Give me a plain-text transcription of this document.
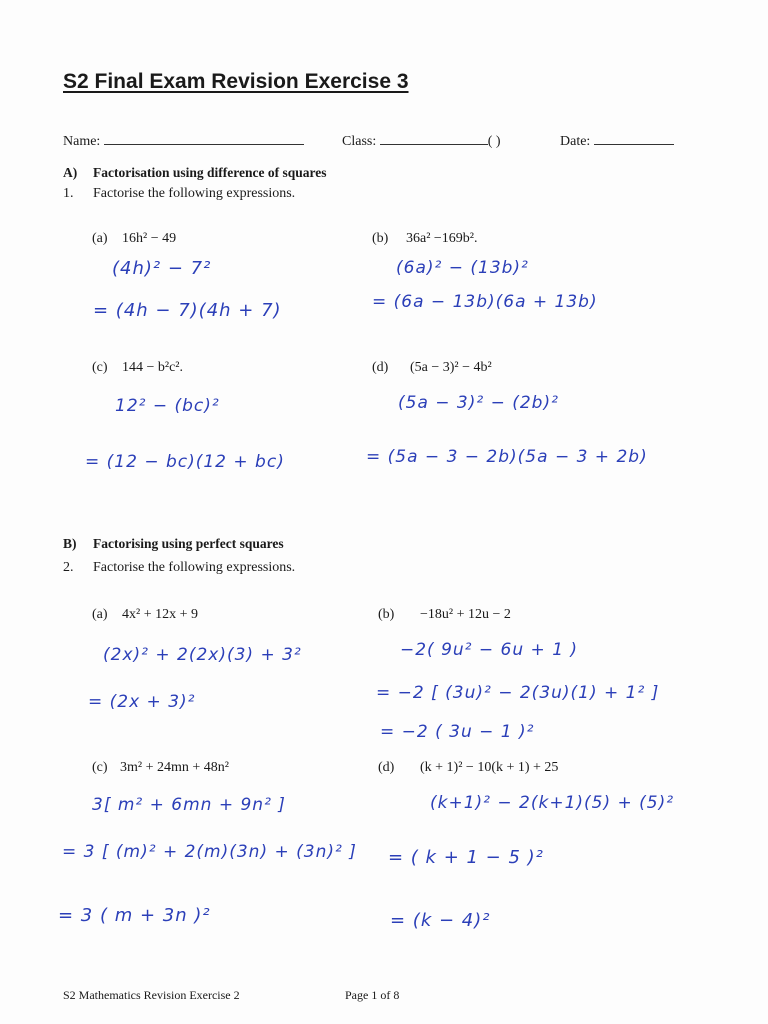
S2 Final Exam Revision Exercise 3
Name:	Class:	( )	Date:
A) Factorisation using difference of squares
1. Factorise the following expressions.
(a) 16h² − 49
(4h)² − 7²
= (4h − 7)(4h + 7)
(b) 36a² −169b².
(6a)² − (13b)²
= (6a − 13b)(6a + 13b)
(c) 144 − b²c².
12² − (bc)²
= (12 − bc)(12 + bc)
(d) (5a − 3)² − 4b²
(5a − 3)² − (2b)²
= (5a − 3 − 2b)(5a − 3 + 2b)
B) Factorising using perfect squares
2. Factorise the following expressions.
(a) 4x² + 12x + 9
(2x)² + 2(2x)(3) + 3²
= (2x + 3)²
(b) −18u² + 12u − 2
−2( 9u² − 6u + 1 )
= −2 [ (3u)² − 2(3u)(1) + 1² ]
= −2 ( 3u − 1 )²
(c) 3m² + 24mn + 48n²
3[ m² + 6mn + 9n² ]
= 3 [ (m)² + 2(m)(3n) + (3n)² ]
= 3 ( m + 3n )²
(d) (k + 1)² − 10(k + 1) + 25
(k+1)² − 2(k+1)(5) + (5)²
= ( k + 1 − 5 )²
= (k − 4)²
S2 Mathematics Revision Exercise 2	Page 1 of 8
